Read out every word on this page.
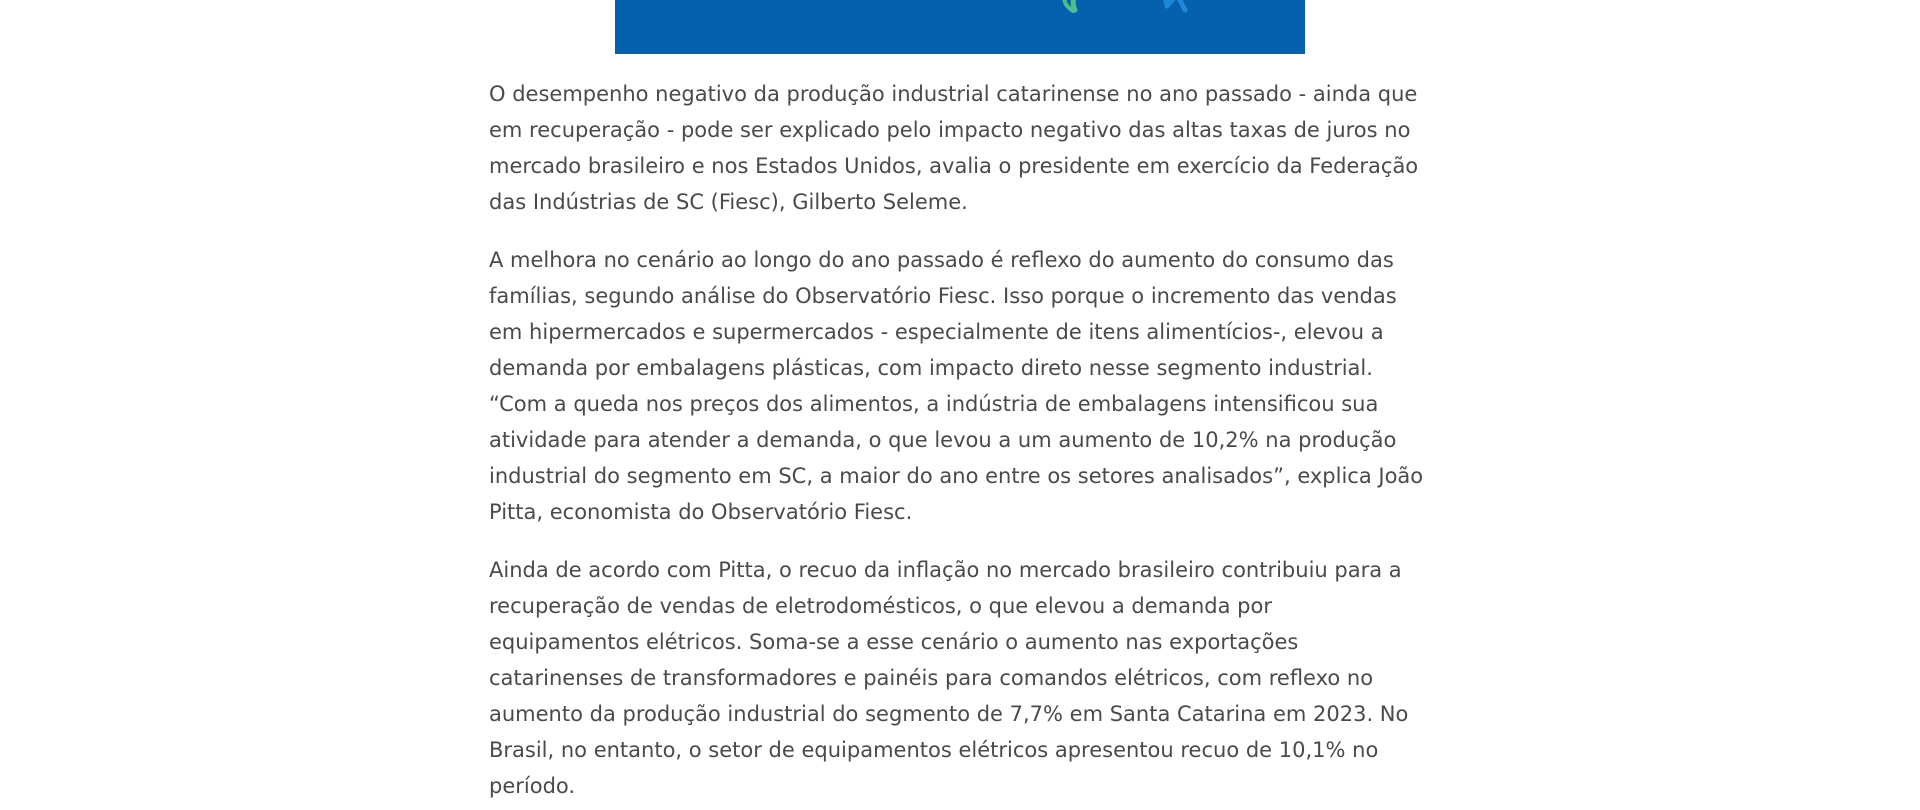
O desempenho negativo da produção industrial catarinense no ano passado - ainda que
em recuperação - pode ser explicado pelo impacto negativo das altas taxas de juros no
mercado brasileiro e nos Estados Unidos, avalia o presidente em exercício da Federação
das Indústrias de SC (Fiesc), Gilberto Seleme.

A melhora no cenário ao longo do ano passado é reflexo do aumento do consumo das
famílias, segundo análise do Observatório Fiesc. Isso porque o incremento das vendas
em hipermercados e supermercados - especialmente de itens alimentícios-, elevou a
demanda por embalagens plásticas, com impacto direto nesse segmento industrial.
“Com a queda nos preços dos alimentos, a indústria de embalagens intensificou sua
atividade para atender a demanda, o que levou a um aumento de 10,2% na produção
industrial do segmento em SC, a maior do ano entre os setores analisados”, explica João
Pitta, economista do Observatório Fiesc.

Ainda de acordo com Pitta, o recuo da inflação no mercado brasileiro contribuiu para a
recuperação de vendas de eletrodomésticos, o que elevou a demanda por
equipamentos elétricos. Soma-se a esse cenário o aumento nas exportações
catarinenses de transformadores e painéis para comandos elétricos, com reflexo no
aumento da produção industrial do segmento de 7,7% em Santa Catarina em 2023. No
Brasil, no entanto, o setor de equipamentos elétricos apresentou recuo de 10,1% no
período.
